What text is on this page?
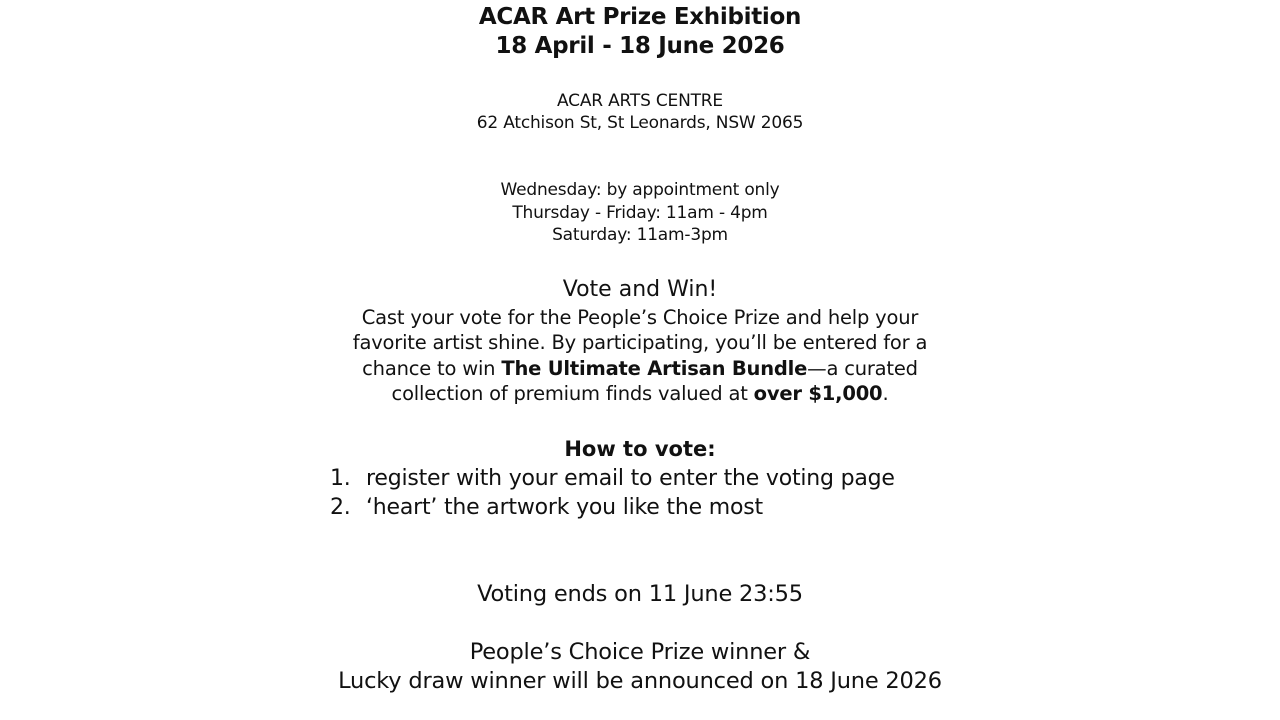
ACAR Art Prize Exhibition
18 April - 18 June 2026
ACAR ARTS CENTRE
62 Atchison St, St Leonards, NSW 2065
Wednesday: by appointment only
Thursday - Friday: 11am - 4pm
Saturday: 11am-3pm
Vote and Win!
Cast your vote for the People’s Choice Prize and help your
favorite artist shine. By participating, you’ll be entered for a
chance to win The Ultimate Artisan Bundle—a curated
collection of premium finds valued at over $1,000.
How to vote:
1. register with your email to enter the voting page
2. ‘heart’ the artwork you like the most
Voting ends on 11 June 23:55
People’s Choice Prize winner &
Lucky draw winner will be announced on 18 June 2026
